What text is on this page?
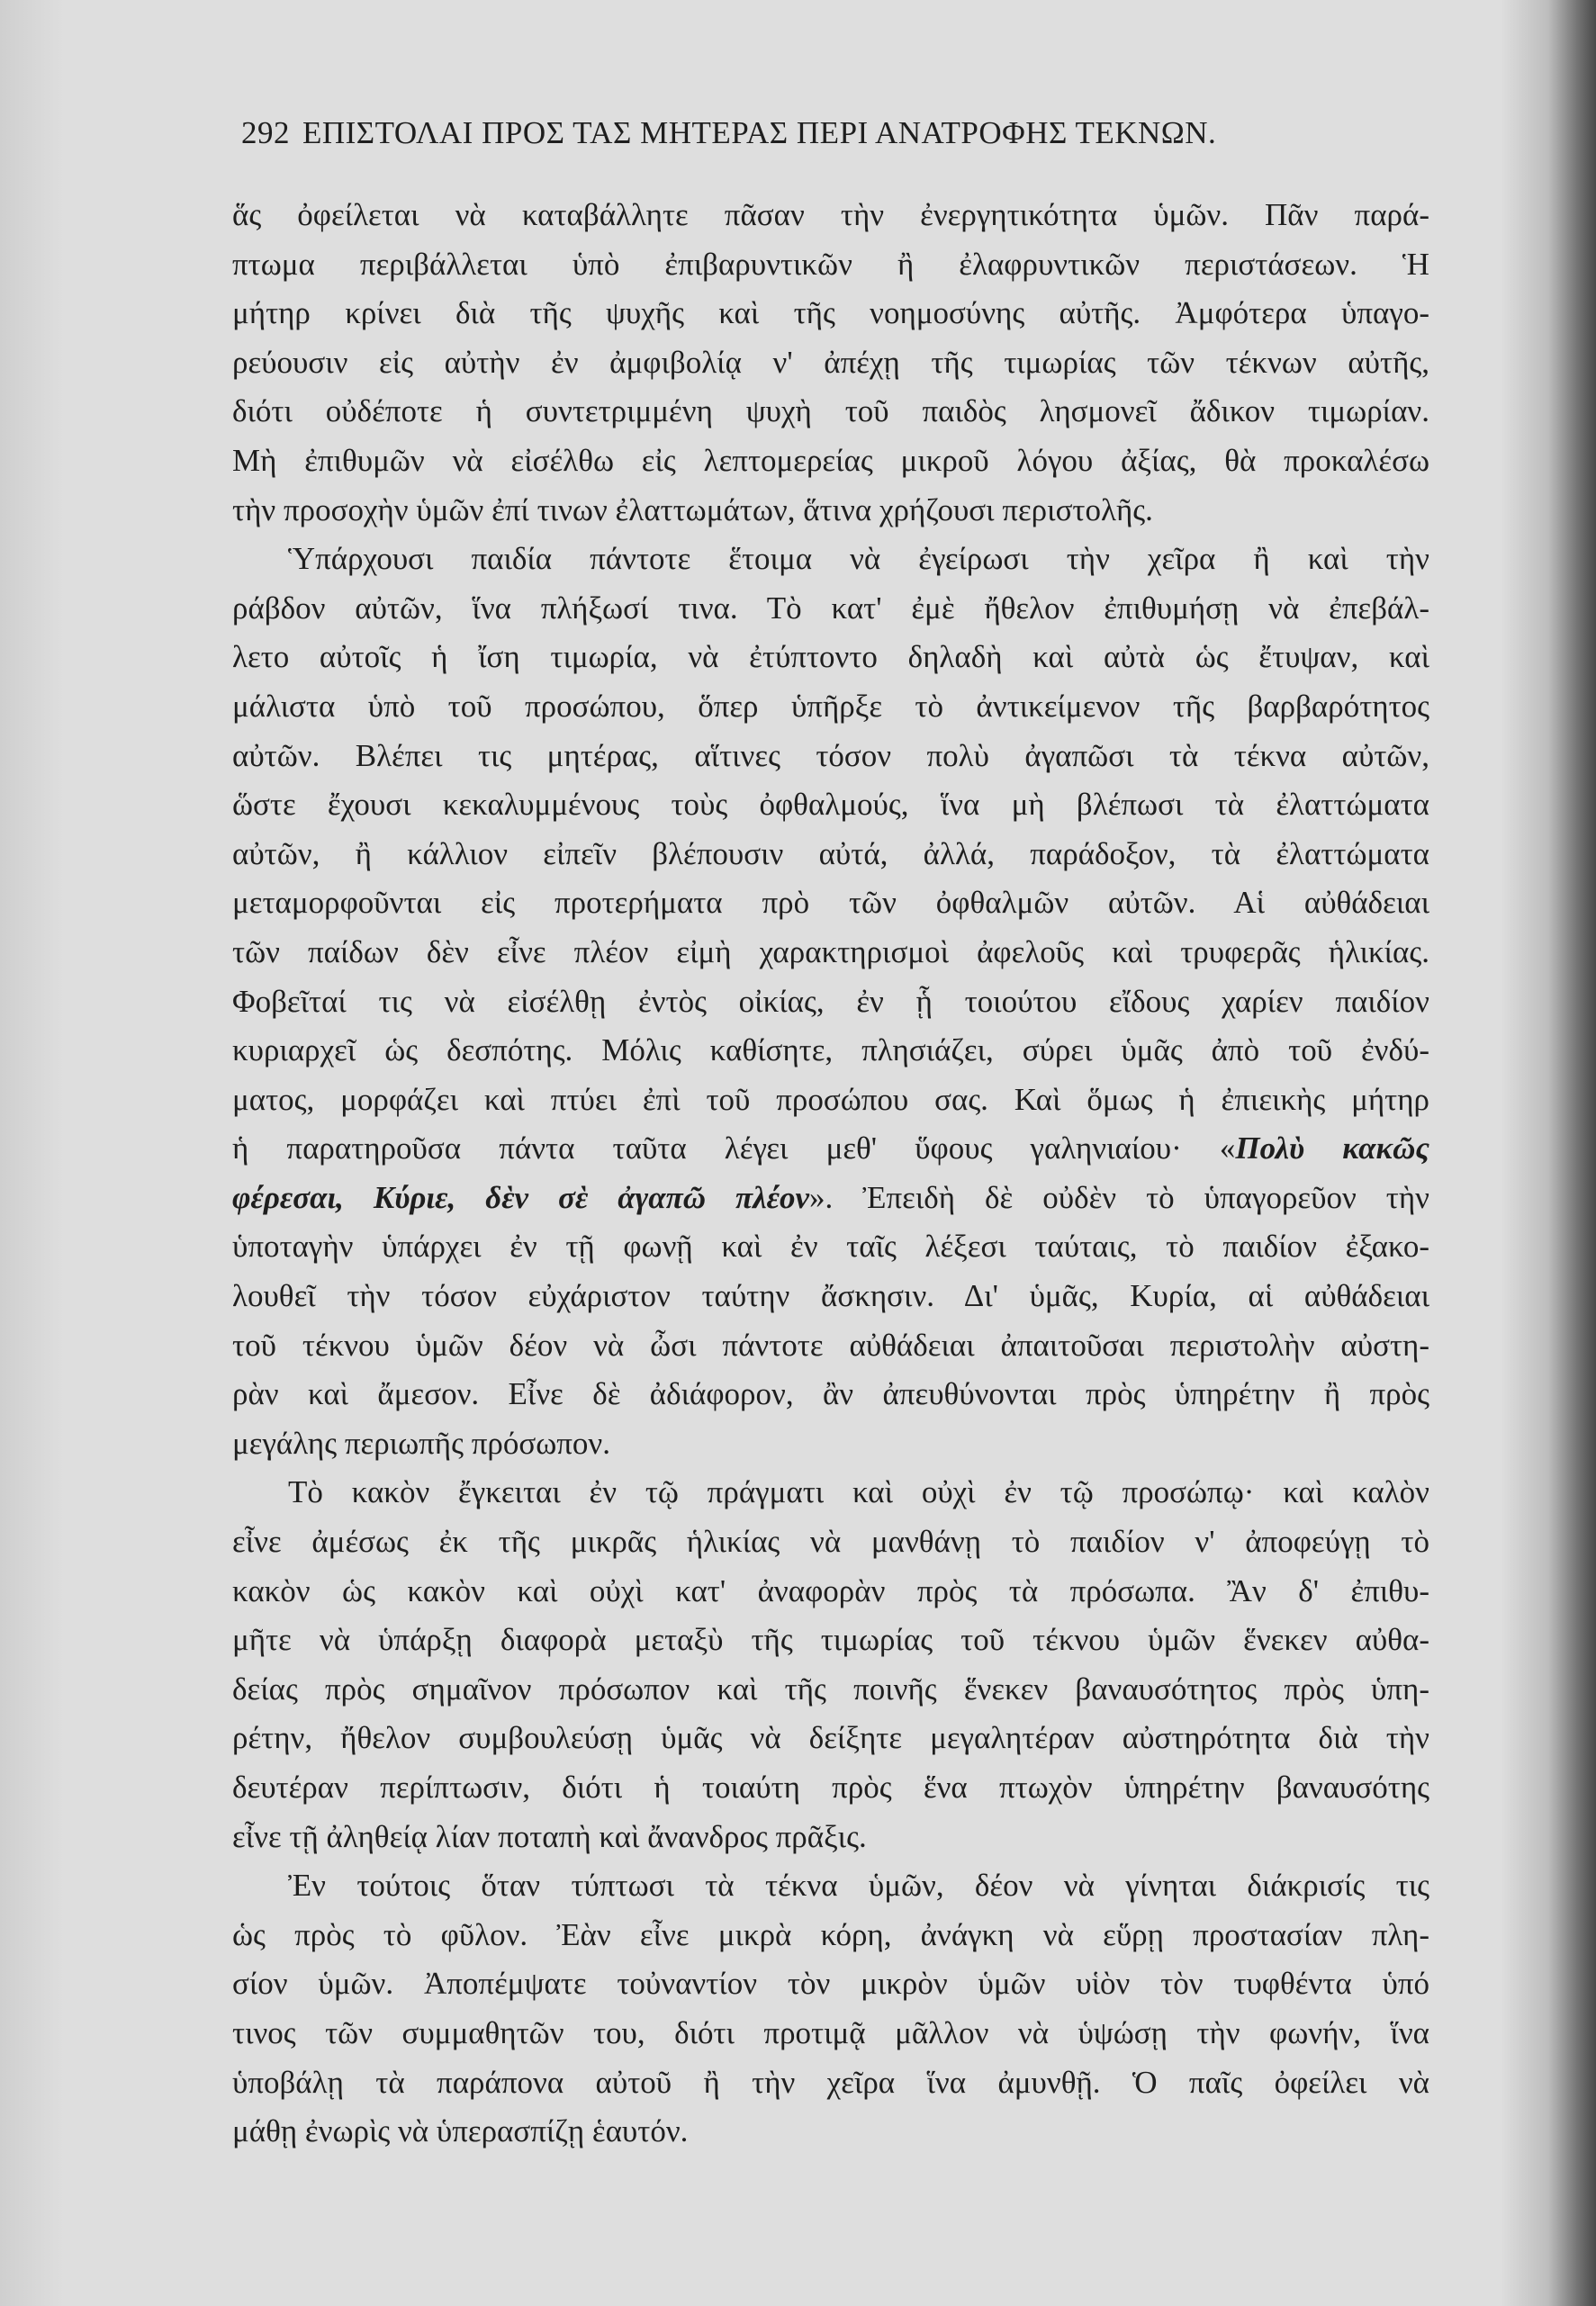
292 ΕΠΙΣΤΟΛΑΙ ΠΡΟΣ ΤΑΣ ΜΗΤΕΡΑΣ ΠΕΡΙ ΑΝΑΤΡΟΦΗΣ ΤΕΚΝΩΝ.
ἅς ὀφείλεται νὰ καταβάλλητε πᾶσαν τὴν ἐνεργητικότητα ὑμῶν. Πᾶν παρά-
πτωμα περιβάλλεται ὑπὸ ἐπιβαρυντικῶν ἢ ἐλαφρυντικῶν περιστάσεων. Ἡ
μήτηρ κρίνει διὰ τῆς ψυχῆς καὶ τῆς νοημοσύνης αὐτῆς. Ἀμφότερα ὑπαγο-
ρεύουσιν εἰς αὐτὴν ἐν ἀμφιβολίᾳ ν' ἀπέχῃ τῆς τιμωρίας τῶν τέκνων αὐτῆς,
διότι οὐδέποτε ἡ συντετριμμένη ψυχὴ τοῦ παιδὸς λησμονεῖ ἄδικον τιμωρίαν.
Μὴ ἐπιθυμῶν νὰ εἰσέλθω εἰς λεπτομερείας μικροῦ λόγου ἀξίας, θὰ προκαλέσω
τὴν προσοχὴν ὑμῶν ἐπί τινων ἐλαττωμάτων, ἅτινα χρήζουσι περιστολῆς.
Ὑπάρχουσι παιδία πάντοτε ἕτοιμα νὰ ἐγείρωσι τὴν χεῖρα ἢ καὶ τὴν
ράβδον αὐτῶν, ἵνα πλήξωσί τινα. Τὸ κατ' ἐμὲ ἤθελον ἐπιθυμήσῃ νὰ ἐπεβάλ-
λετο αὐτοῖς ἡ ἴση τιμωρία, νὰ ἐτύπτοντο δηλαδὴ καὶ αὐτὰ ὡς ἔτυψαν, καὶ
μάλιστα ὑπὸ τοῦ προσώπου, ὅπερ ὑπῆρξε τὸ ἀντικείμενον τῆς βαρβαρότητος
αὐτῶν. Βλέπει τις μητέρας, αἵτινες τόσον πολὺ ἀγαπῶσι τὰ τέκνα αὐτῶν,
ὥστε ἔχουσι κεκαλυμμένους τοὺς ὀφθαλμούς, ἵνα μὴ βλέπωσι τὰ ἐλαττώματα
αὐτῶν, ἢ κάλλιον εἰπεῖν βλέπουσιν αὐτά, ἀλλά, παράδοξον, τὰ ἐλαττώματα
μεταμορφοῦνται εἰς προτερήματα πρὸ τῶν ὀφθαλμῶν αὐτῶν. Αἱ αὐθάδειαι
τῶν παίδων δὲν εἶνε πλέον εἰμὴ χαρακτηρισμοὶ ἀφελοῦς καὶ τρυφερᾶς ἡλικίας.
Φοβεῖταί τις νὰ εἰσέλθῃ ἐντὸς οἰκίας, ἐν ᾗ τοιούτου εἴδους χαρίεν παιδίον
κυριαρχεῖ ὡς δεσπότης. Μόλις καθίσητε, πλησιάζει, σύρει ὑμᾶς ἀπὸ τοῦ ἐνδύ-
ματος, μορφάζει καὶ πτύει ἐπὶ τοῦ προσώπου σας. Καὶ ὅμως ἡ ἐπιεικὴς μήτηρ
ἡ παρατηροῦσα πάντα ταῦτα λέγει μεθ' ὕφους γαληνιαίου· «Πολὺ κακῶς
φέρεσαι, Κύριε, δὲν σὲ ἀγαπῶ πλέον». Ἐπειδὴ δὲ οὐδὲν τὸ ὑπαγορεῦον τὴν
ὑποταγὴν ὑπάρχει ἐν τῇ φωνῇ καὶ ἐν ταῖς λέξεσι ταύταις, τὸ παιδίον ἐξακο-
λουθεῖ τὴν τόσον εὐχάριστον ταύτην ἄσκησιν. Δι' ὑμᾶς, Κυρία, αἱ αὐθάδειαι
τοῦ τέκνου ὑμῶν δέον νὰ ὦσι πάντοτε αὐθάδειαι ἀπαιτοῦσαι περιστολὴν αὐστη-
ρὰν καὶ ἄμεσον. Εἶνε δὲ ἀδιάφορον, ἂν ἀπευθύνονται πρὸς ὑπηρέτην ἢ πρὸς
μεγάλης περιωπῆς πρόσωπον.
Τὸ κακὸν ἔγκειται ἐν τῷ πράγματι καὶ οὐχὶ ἐν τῷ προσώπῳ· καὶ καλὸν
εἶνε ἀμέσως ἐκ τῆς μικρᾶς ἡλικίας νὰ μανθάνῃ τὸ παιδίον ν' ἀποφεύγῃ τὸ
κακὸν ὡς κακὸν καὶ οὐχὶ κατ' ἀναφορὰν πρὸς τὰ πρόσωπα. Ἂν δ' ἐπιθυ-
μῆτε νὰ ὑπάρξῃ διαφορὰ μεταξὺ τῆς τιμωρίας τοῦ τέκνου ὑμῶν ἕνεκεν αὐθα-
δείας πρὸς σημαῖνον πρόσωπον καὶ τῆς ποινῆς ἕνεκεν βαναυσότητος πρὸς ὑπη-
ρέτην, ἤθελον συμβουλεύσῃ ὑμᾶς νὰ δείξητε μεγαλητέραν αὐστηρότητα διὰ τὴν
δευτέραν περίπτωσιν, διότι ἡ τοιαύτη πρὸς ἕνα πτωχὸν ὑπηρέτην βαναυσότης
εἶνε τῇ ἀληθείᾳ λίαν ποταπὴ καὶ ἄνανδρος πρᾶξις.
Ἐν τούτοις ὅταν τύπτωσι τὰ τέκνα ὑμῶν, δέον νὰ γίνηται διάκρισίς τις
ὡς πρὸς τὸ φῦλον. Ἐὰν εἶνε μικρὰ κόρη, ἀνάγκη νὰ εὕρῃ προστασίαν πλη-
σίον ὑμῶν. Ἀποπέμψατε τοὐναντίον τὸν μικρὸν ὑμῶν υἱὸν τὸν τυφθέντα ὑπό
τινος τῶν συμμαθητῶν του, διότι προτιμᾷ μᾶλλον νὰ ὑψώσῃ τὴν φωνήν, ἵνα
ὑποβάλῃ τὰ παράπονα αὐτοῦ ἢ τὴν χεῖρα ἵνα ἀμυνθῇ. Ὁ παῖς ὀφείλει νὰ
μάθῃ ἐνωρὶς νὰ ὑπερασπίζῃ ἑαυτόν.
